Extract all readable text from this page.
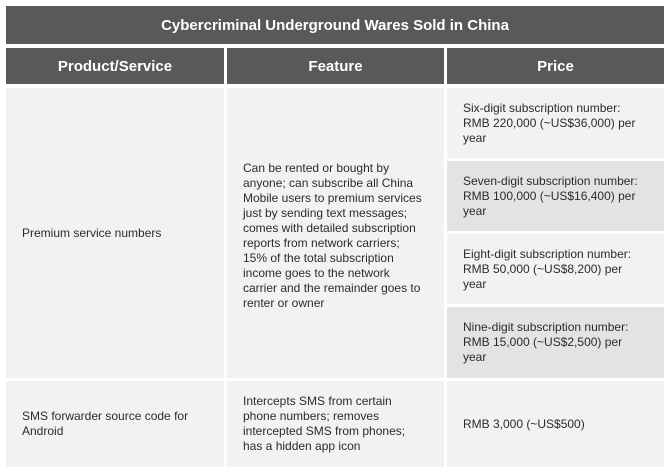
Cybercriminal Underground Wares Sold in China
Product/Service	Feature	Price
Premium service numbers
Can be rented or bought by anyone; can subscribe all China Mobile users to premium services just by sending text messages; comes with detailed subscription reports from network carriers; 15% of the total subscription income goes to the network carrier and the remainder goes to renter or owner
Six-digit subscription number: RMB 220,000 (~US$36,000) per year
Seven-digit subscription number: RMB 100,000 (~US$16,400) per year
Eight-digit subscription number: RMB 50,000 (~US$8,200) per year
Nine-digit subscription number: RMB 15,000 (~US$2,500) per year
SMS forwarder source code for Android
Intercepts SMS from certain phone numbers; removes intercepted SMS from phones; has a hidden app icon
RMB 3,000 (~US$500)
